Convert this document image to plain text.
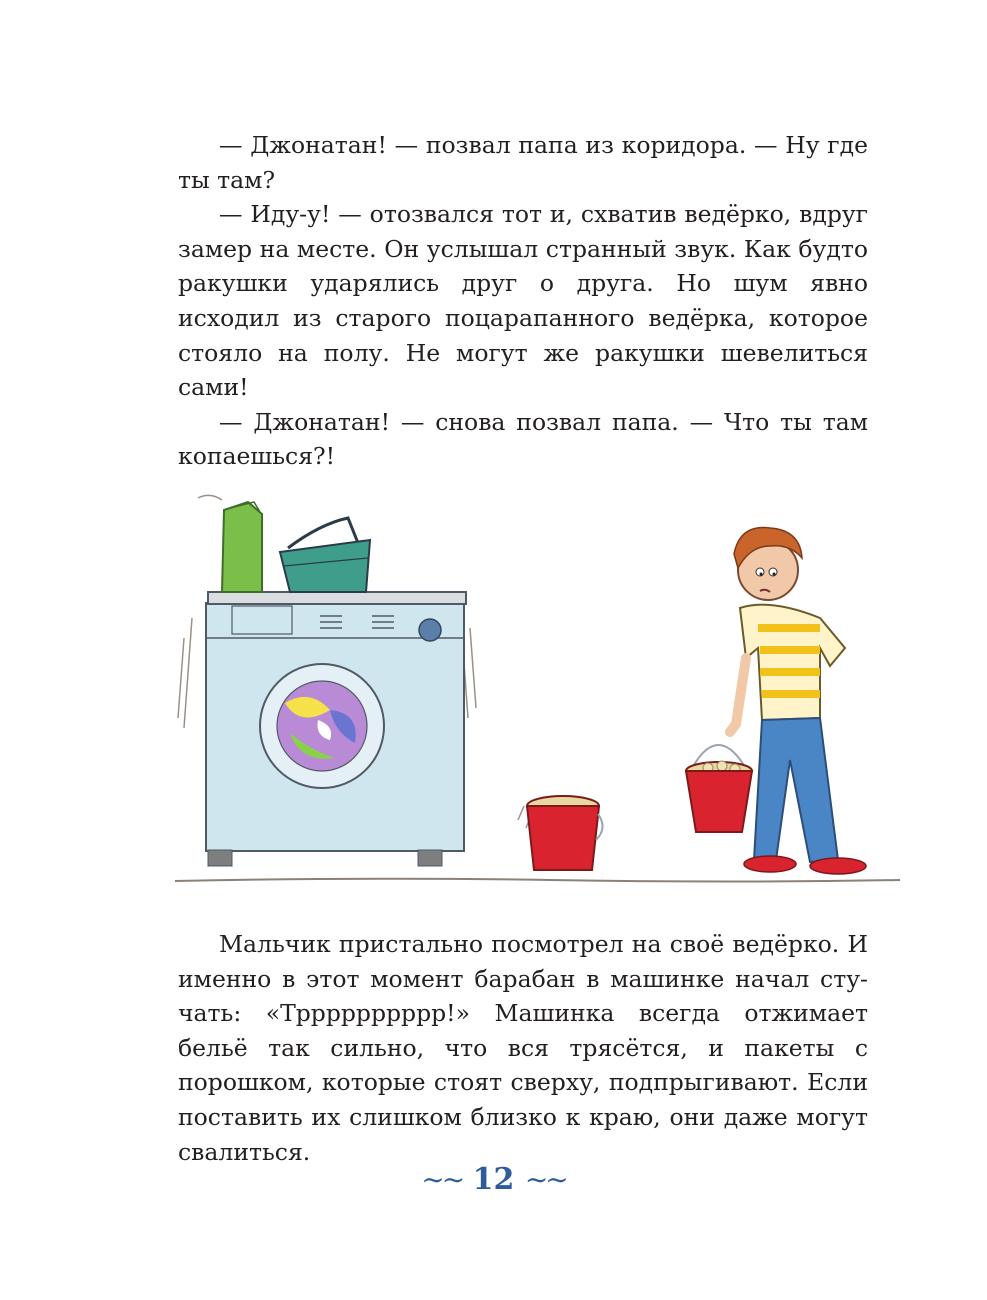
— Джонатан! — позвал папа из коридора. — Ну где ты там?

— Иду-у! — отозвался тот и, схватив ведёрко, вдруг замер на месте. Он услышал странный звук. Как будто ракушки ударялись друг о друга. Но шум явно исходил из старого поцарапанного ведёрка, которое стояло на полу. Не могут же ракушки шевелиться сами!

— Джонатан! — снова позвал папа. — Что ты там копаешься?!

Мальчик пристально посмотрел на своё ведёрко. И именно в этот момент барабан в машинке начал сту-чать: «Трррррррррр!» Машинка всегда отжимает бельё так сильно, что вся трясётся, и пакеты с порошком, которые стоят сверху, подпрыгивают. Если поставить их слишком близко к краю, они даже могут свалиться.

∼∼ 12 ∼∼
